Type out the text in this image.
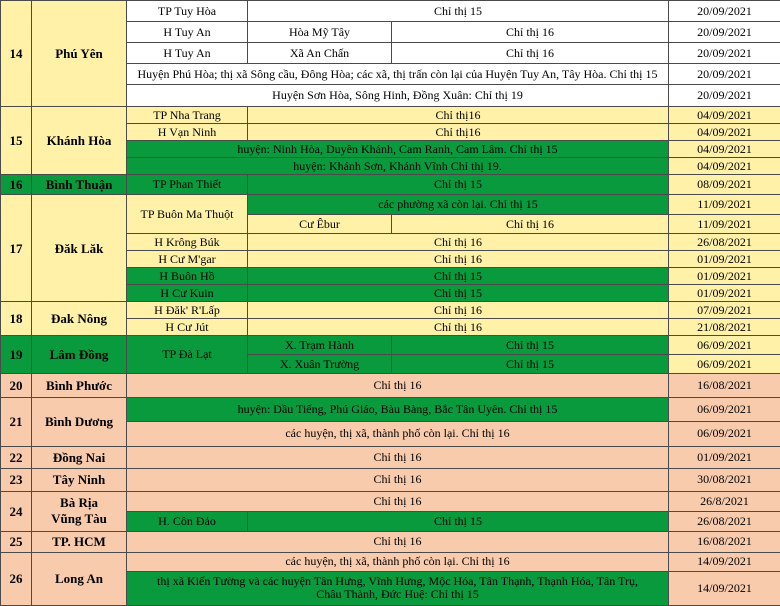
14	Phú Yên	TP Tuy Hòa	Chỉ thị 15		20/09/2021
		H Tuy An	Hòa Mỹ Tây	Chỉ thị 16	20/09/2021
		H Tuy An	Xã An Chấn	Chỉ thị 16	20/09/2021
		Huyện Phú Hòa; thị xã Sông cầu, Đông Hòa; các xã, thị trấn còn lại của Huyện Tuy An, Tây Hòa. Chỉ thị 15			20/09/2021
		Huyện Sơn Hòa, Sông Hinh, Đồng Xuân: Chỉ thị 19			20/09/2021
15	Khánh Hòa	TP Nha Trang	Chỉ thị16		04/09/2021
		H Vạn Ninh	Chỉ thị16		04/09/2021
		huyện: Ninh Hòa, Duyên Khánh, Cam Ranh, Cam Lâm. Chỉ thị 15			04/09/2021
		huyện: Khánh Sơn, Khánh Vĩnh Chỉ thị 19.			04/09/2021
16	Bình Thuận	TP Phan Thiết	Chỉ thị 15		08/09/2021
17	Đăk Lăk	TP Buôn Ma Thuột	các phường xã còn lại. Chỉ thị 15		11/09/2021
			Cư Êbur	Chỉ thị 16	11/09/2021
		H Krông Búk	Chỉ thị 16		26/08/2021
		H Cư M'gar	Chỉ thị 16		01/09/2021
		H Buôn Hồ	Chỉ thị 15		01/09/2021
		H Cư Kuin	Chỉ thị 15		01/09/2021
18	Đak Nông	H Đăk' R'Lấp	Chỉ thị 16		07/09/2021
		H Cư Jút	Chỉ thị 16		21/08/2021
19	Lâm Đồng	TP Đà Lạt	X. Trạm Hành	Chỉ thị 15	06/09/2021
			X. Xuân Trường	Chỉ thị 15	06/09/2021
20	Bình Phước	Chỉ thị 16			16/08/2021
21	Bình Dương	huyện: Dầu Tiếng, Phú Giáo, Bàu Bàng, Bắc Tân Uyên. Chỉ thị 15			06/09/2021
		các huyện, thị xã, thành phố còn lại. Chỉ thị 16			06/09/2021
22	Đồng Nai	Chỉ thị 16			01/09/2021
23	Tây Ninh	Chỉ thị 16			30/08/2021
24	Bà Rịa
Vũng Tàu	Chỉ thị 16			26/8/2021
		H. Côn Đảo	Chỉ thị 15		26/08/2021
25	TP. HCM	Chỉ thị 16			16/08/2021
26	Long An	các huyện, thị xã, thành phố còn lại. Chỉ thị 16			14/09/2021
		thị xã Kiến Tường và các huyện Tân Hưng, Vĩnh Hưng, Mộc Hóa, Tân Thạnh, Thạnh Hóa, Tân Trụ, Châu Thành, Đức Huệ: Chỉ thị 15			14/09/2021
